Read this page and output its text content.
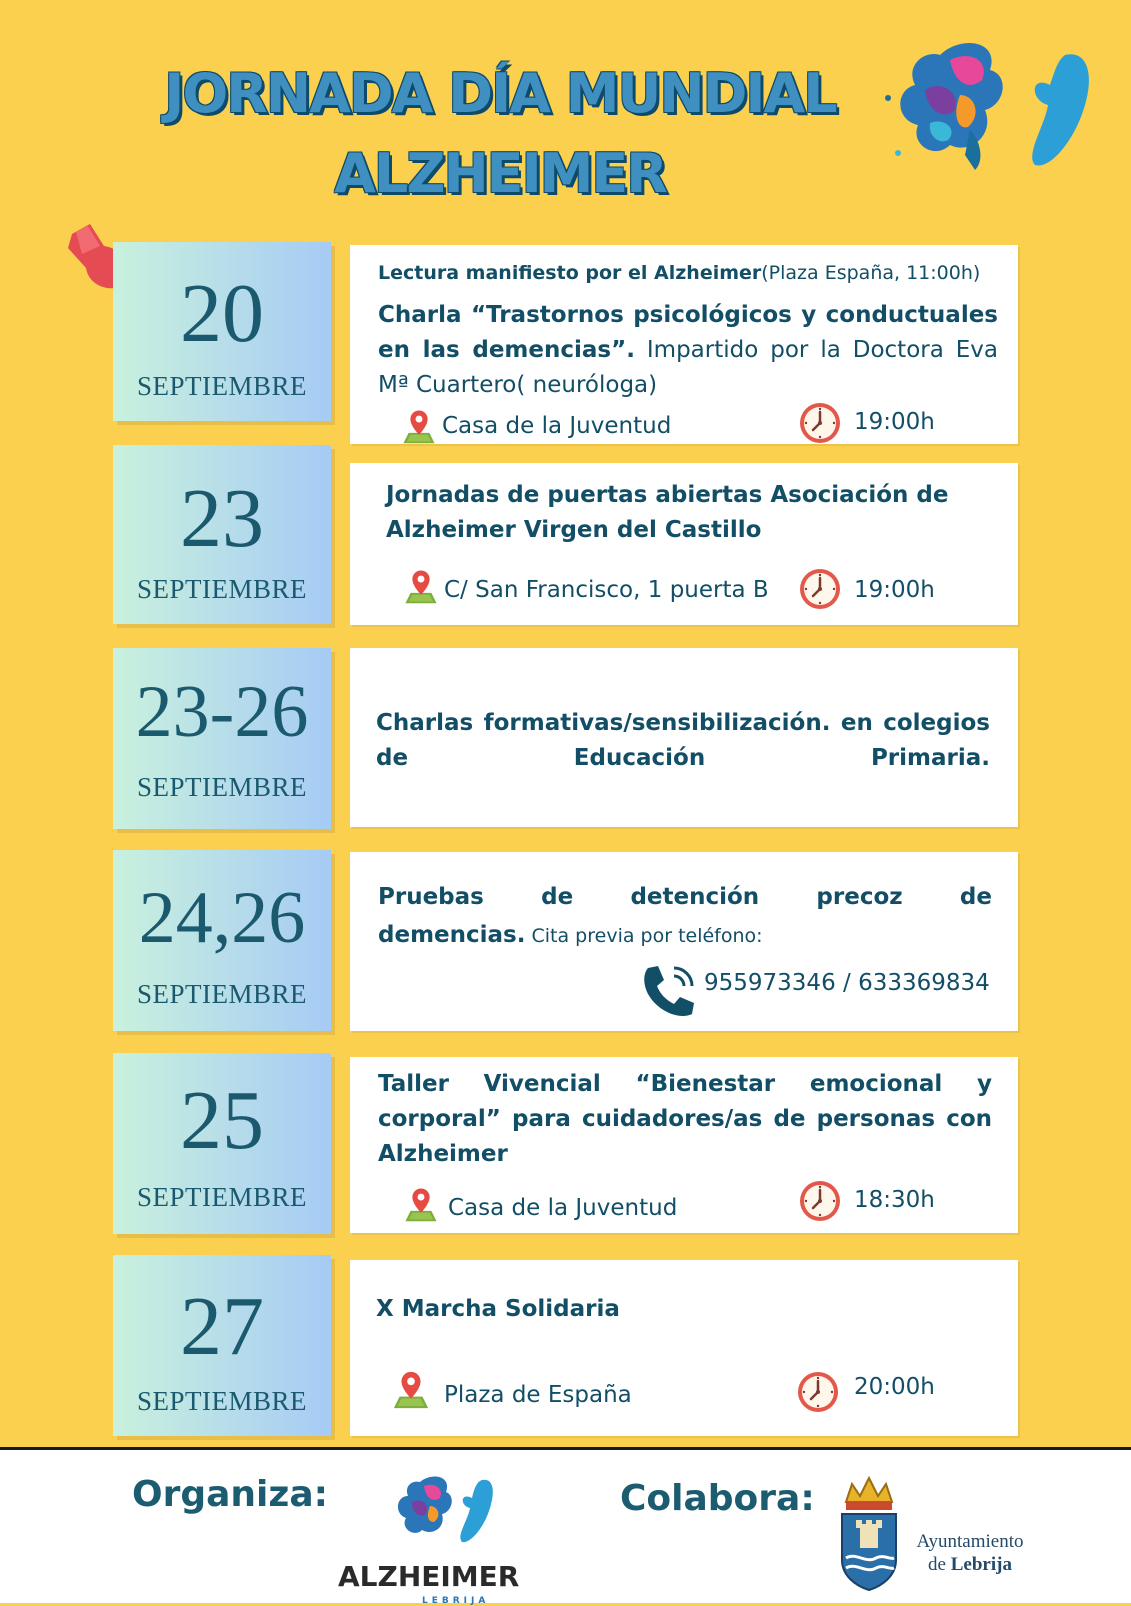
JORNADA DÍA MUNDIAL
ALZHEIMER
20
SEPTIEMBRE
Lectura manifiesto por el Alzheimer(Plaza España, 11:00h)
Charla “Trastornos psicológicos y conductuales en las demencias”. Impartido por la Doctora Eva Mª Cuartero( neuróloga)
Casa de la Juventud	19:00h
23
SEPTIEMBRE
Jornadas de puertas abiertas Asociación de Alzheimer Virgen del Castillo
C/ San Francisco, 1 puerta B	19:00h
23-26
SEPTIEMBRE
Charlas formativas/sensibilización. en colegios de Educación Primaria.
24,26
SEPTIEMBRE
Pruebas de detención precoz de
demencias. Cita previa por teléfono:
955973346 / 633369834
25
SEPTIEMBRE
Taller Vivencial “Bienestar emocional y corporal” para cuidadores/as de personas con Alzheimer
Casa de la Juventud	18:30h
27
SEPTIEMBRE
X Marcha Solidaria
Plaza de España	20:00h
Organiza:
ALZHEIMER
LEBRIJA
Colabora:
Ayuntamiento
de Lebrija
